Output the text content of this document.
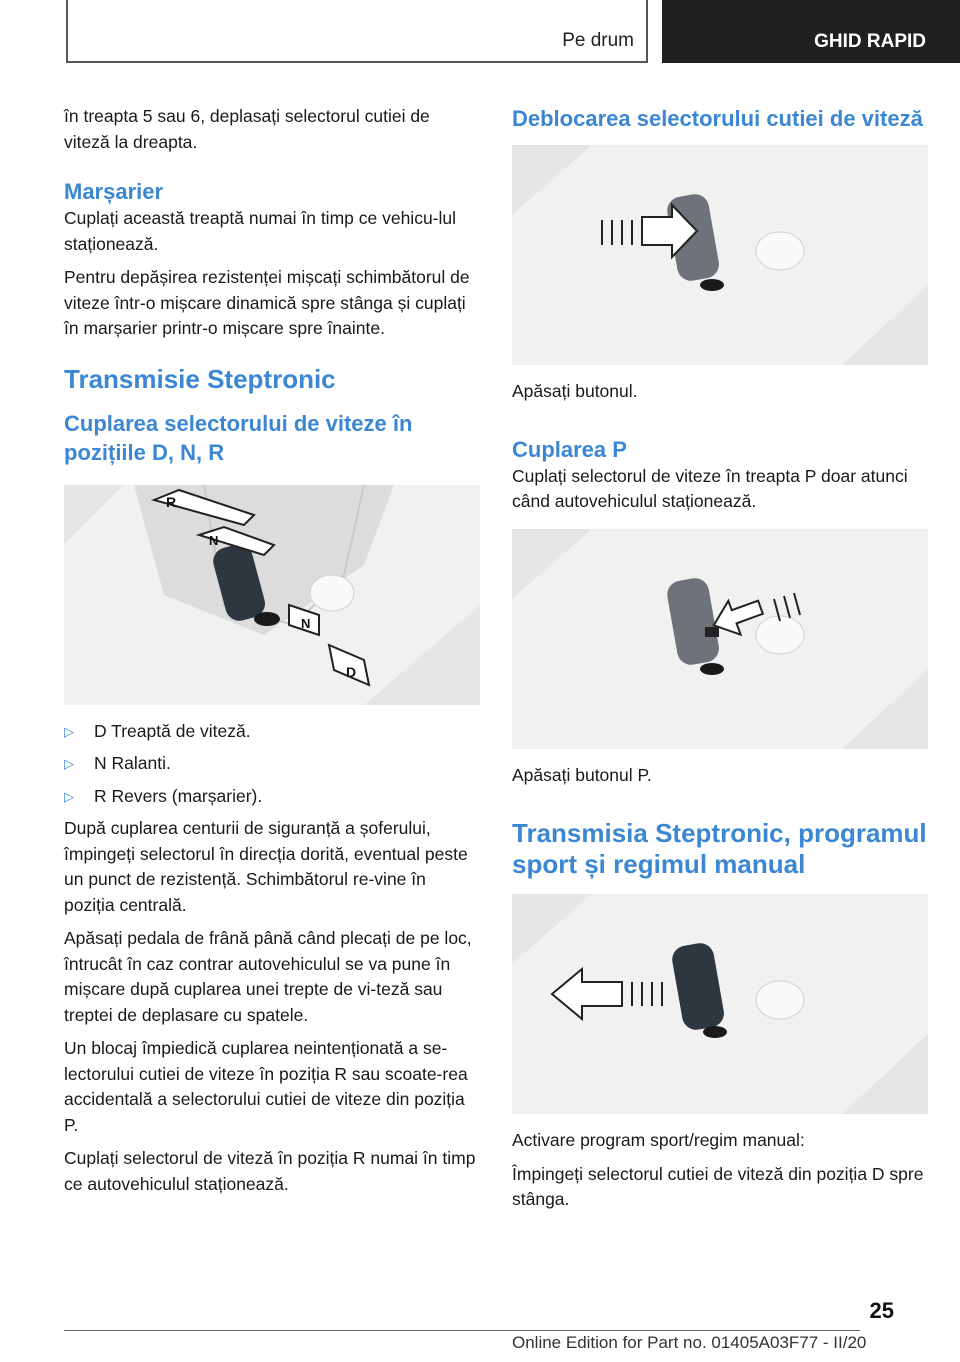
Pe drum	GHID RAPID

în treapta 5 sau 6, deplasați selectorul cutiei de viteză la dreapta.

Marșarier

Cuplați această treaptă numai în timp ce vehicu-lul staționează.

Pentru depășirea rezistenței mișcați schimbătorul de viteze într-o mișcare dinamică spre stânga și cuplați în marșarier printr-o mișcare spre înainte.

Transmisie Steptronic
Cuplarea selectorului de viteze în pozițiile D, N, R
R
N
N
D
▷	D Treaptă de viteză.
▷	N Ralanti.
▷	R Revers (marșarier).

După cuplarea centurii de siguranță a șoferului, împingeți selectorul în direcția dorită, eventual peste un punct de rezistență. Schimbătorul re-vine în poziția centrală.

Apăsați pedala de frână până când plecați de pe loc, întrucât în caz contrar autovehiculul se va pune în mișcare după cuplarea unei trepte de vi-teză sau treptei de deplasare cu spatele.

Un blocaj împiedică cuplarea neintenționată a se-lectorului cutiei de viteze în poziția R sau scoate-rea accidentală a selectorului cutiei de viteze din poziția P.

Cuplați selectorul de viteză în poziția R numai în timp ce autovehiculul staționează.

Deblocarea selectorului cutiei de viteză

Apăsați butonul.

Cuplarea P

Cuplați selectorul de viteze în treapta P doar atunci când autovehiculul staționează.

Apăsați butonul P.

Transmisia Steptronic, programul sport și regimul manual

Activare program sport/regim manual:

Împingeți selectorul cutiei de viteză din poziția D spre stânga.

25
Online Edition for Part no. 01405A03F77 - II/20
